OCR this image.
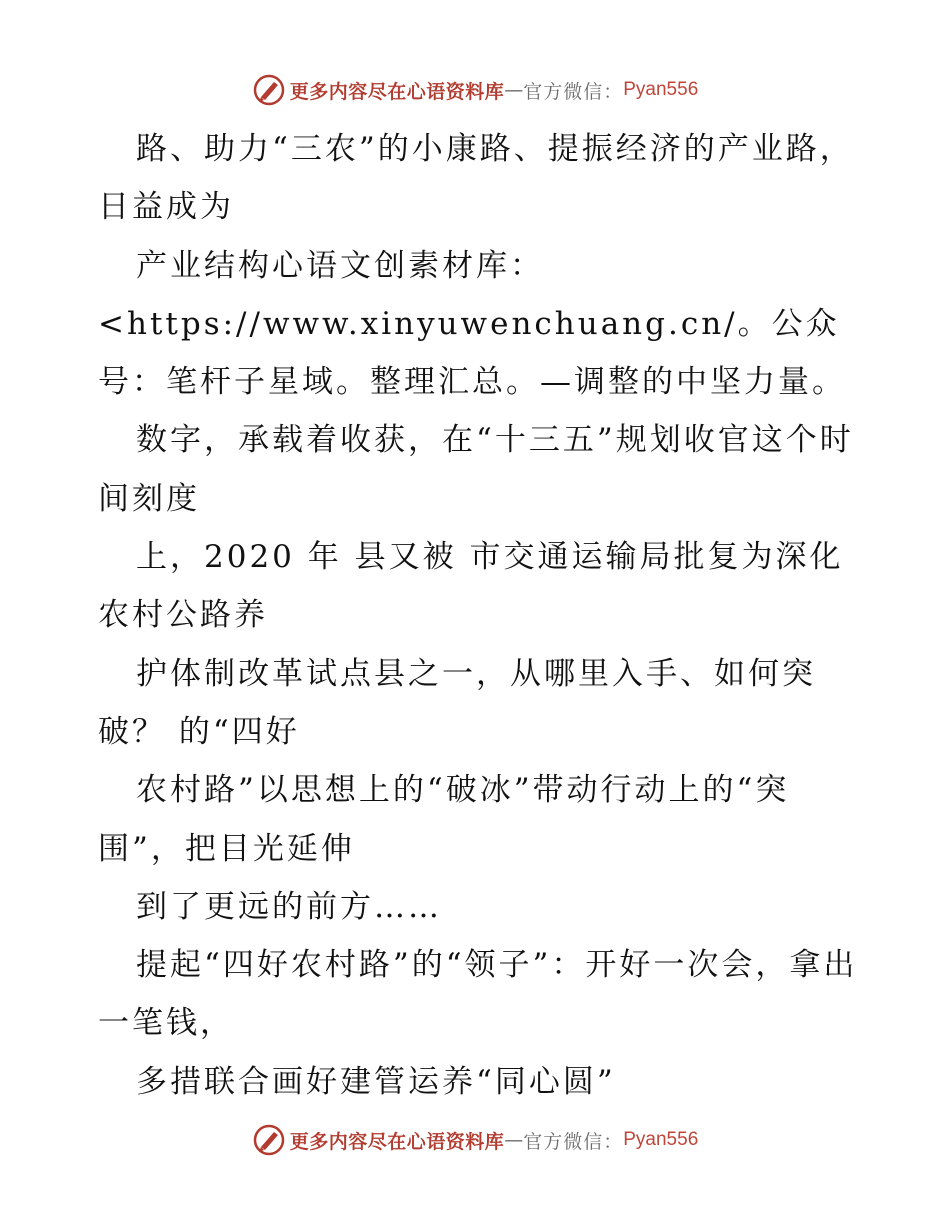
更多内容尽在心语资料库 — 官方微信： Pyan556

路、助力“三农”的小康路、提振经济的产业路，日益成为

产业结构心语文创素材库：<https://www.xinyuwenchuang.cn/。公众号：笔杆子星域。整理汇总。—调整的中坚力量。

数字，承载着收获，在“十三五”规划收官这个时间刻度

上，2020 年 县又被 市交通运输局批复为深化农村公路养

护体制改革试点县之一，从哪里入手、如何突破？ 的“四好

农村路”以思想上的“破冰”带动行动上的“突围”，把目光延伸

到了更远的前方……

提起“四好农村路”的“领子”：开好一次会，拿出一笔钱，

多措联合画好建管运养“同心圆”

更多内容尽在心语资料库 — 官方微信： Pyan556
